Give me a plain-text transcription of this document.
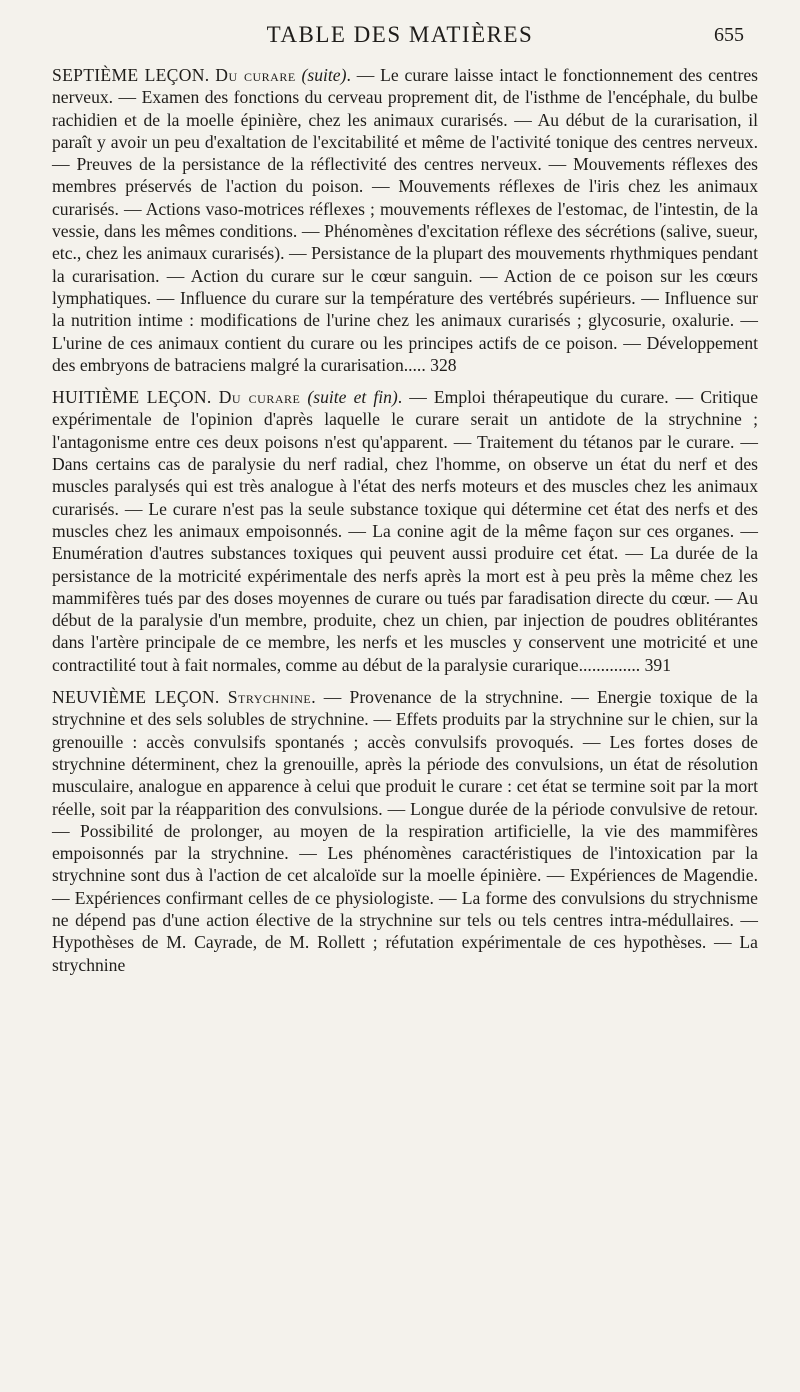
TABLE DES MATIÈRES	655

SEPTIÈME LEÇON. Du curare (suite). — Le curare laisse intact le fonctionnement des centres nerveux. — Examen des fonctions du cerveau proprement dit, de l'isthme de l'encéphale, du bulbe rachidien et de la moelle épinière, chez les animaux curarisés. — Au début de la curarisation, il paraît y avoir un peu d'exaltation de l'excitabilité et même de l'activité tonique des centres nerveux. — Preuves de la persistance de la réflectivité des centres nerveux. — Mouvements réflexes des membres préservés de l'action du poison. — Mouvements réflexes de l'iris chez les animaux curarisés. — Actions vaso-motrices réflexes ; mouvements réflexes de l'estomac, de l'intestin, de la vessie, dans les mêmes conditions. — Phénomènes d'excitation réflexe des sécrétions (salive, sueur, etc., chez les animaux curarisés). — Persistance de la plupart des mouvements rhythmiques pendant la curarisation. — Action du curare sur le cœur sanguin. — Action de ce poison sur les cœurs lymphatiques. — Influence du curare sur la température des vertébrés supérieurs. — Influence sur la nutrition intime : modifications de l'urine chez les animaux curarisés ; glycosurie, oxalurie. — L'urine de ces animaux contient du curare ou les principes actifs de ce poison. — Développement des embryons de batraciens malgré la curarisation..... 328

HUITIÈME LEÇON. Du curare (suite et fin). — Emploi thérapeutique du curare. — Critique expérimentale de l'opinion d'après laquelle le curare serait un antidote de la strychnine ; l'antagonisme entre ces deux poisons n'est qu'apparent. — Traitement du tétanos par le curare. — Dans certains cas de paralysie du nerf radial, chez l'homme, on observe un état du nerf et des muscles paralysés qui est très analogue à l'état des nerfs moteurs et des muscles chez les animaux curarisés. — Le curare n'est pas la seule substance toxique qui détermine cet état des nerfs et des muscles chez les animaux empoisonnés. — La conine agit de la même façon sur ces organes. — Enumération d'autres substances toxiques qui peuvent aussi produire cet état. — La durée de la persistance de la motricité expérimentale des nerfs après la mort est à peu près la même chez les mammifères tués par des doses moyennes de curare ou tués par faradisation directe du cœur. — Au début de la paralysie d'un membre, produite, chez un chien, par injection de poudres oblitérantes dans l'artère principale de ce membre, les nerfs et les muscles y conservent une motricité et une contractilité tout à fait normales, comme au début de la paralysie curarique.............. 391

NEUVIÈME LEÇON. Strychnine. — Provenance de la strychnine. — Energie toxique de la strychnine et des sels solubles de strychnine. — Effets produits par la strychnine sur le chien, sur la grenouille : accès convulsifs spontanés ; accès convulsifs provoqués. — Les fortes doses de strychnine déterminent, chez la grenouille, après la période des convulsions, un état de résolution musculaire, analogue en apparence à celui que produit le curare : cet état se termine soit par la mort réelle, soit par la réapparition des convulsions. — Longue durée de la période convulsive de retour. — Possibilité de prolonger, au moyen de la respiration artificielle, la vie des mammifères empoisonnés par la strychnine. — Les phénomènes caractéristiques de l'intoxication par la strychnine sont dus à l'action de cet alcaloïde sur la moelle épinière. — Expériences de Magendie. — Expériences confirmant celles de ce physiologiste. — La forme des convulsions du strychnisme ne dépend pas d'une action élective de la strychnine sur tels ou tels centres intra-médullaires. — Hypothèses de M. Cayrade, de M. Rollett ; réfutation expérimentale de ces hypothèses. — La strychnine
